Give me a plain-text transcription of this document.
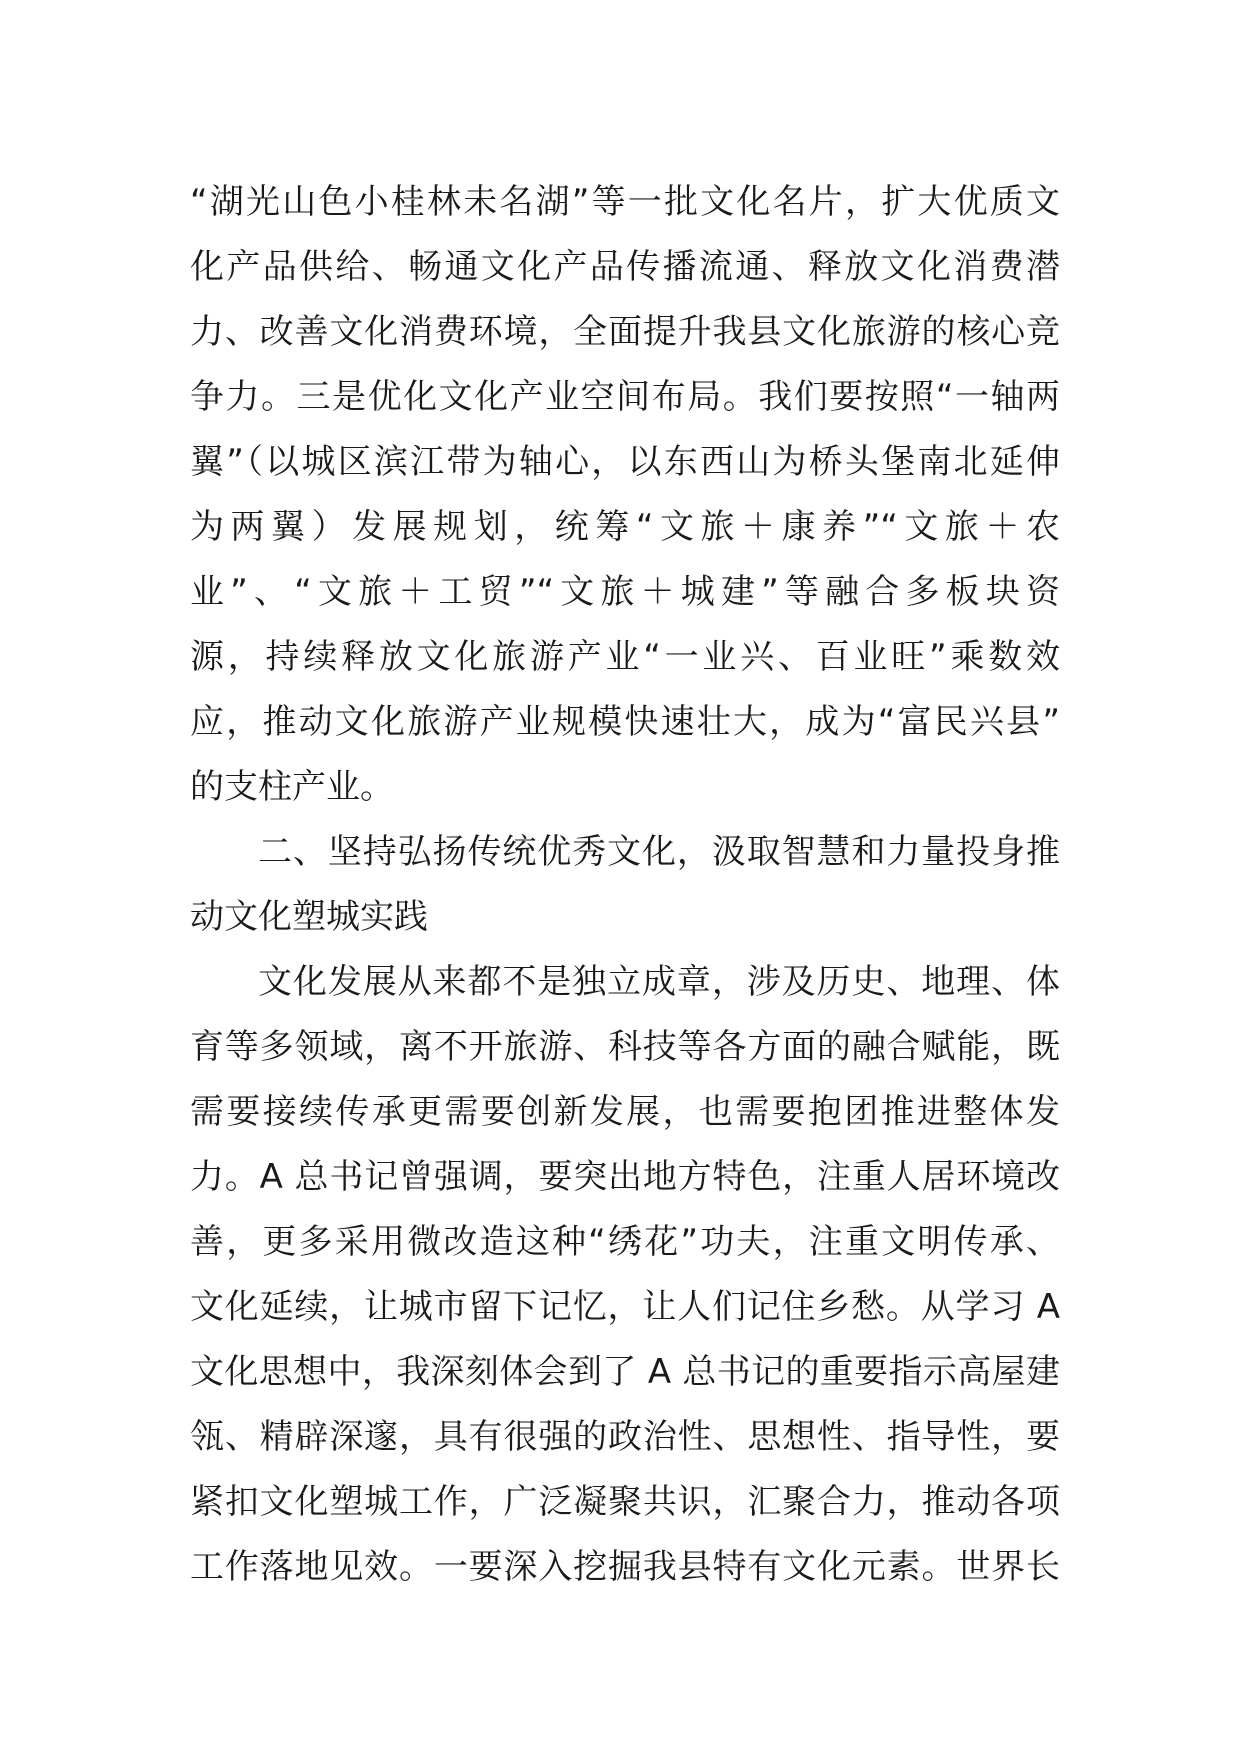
“湖光山色小桂林未名湖”等一批文化名片，扩大优质文
化产品供给、畅通文化产品传播流通、释放文化消费潜
力、改善文化消费环境，全面提升我县文化旅游的核心竞
争力。三是优化文化产业空间布局。我们要按照“一轴两
翼”（以城区滨江带为轴心，以东西山为桥头堡南北延伸
为两翼）发展规划，统筹“文旅＋康养”“文旅＋农
业”、“文旅＋工贸”“文旅＋城建”等融合多板块资
源，持续释放文化旅游产业“一业兴、百业旺”乘数效
应，推动文化旅游产业规模快速壮大，成为“富民兴县”
的支柱产业。
二、坚持弘扬传统优秀文化，汲取智慧和力量投身推
动文化塑城实践
文化发展从来都不是独立成章，涉及历史、地理、体
育等多领域，离不开旅游、科技等各方面的融合赋能，既
需要接续传承更需要创新发展，也需要抱团推进整体发
力。A 总书记曾强调，要突出地方特色，注重人居环境改
善，更多采用微改造这种“绣花”功夫，注重文明传承、
文化延续，让城市留下记忆，让人们记住乡愁。从学习 A
文化思想中，我深刻体会到了 A 总书记的重要指示高屋建
瓴、精辟深邃，具有很强的政治性、思想性、指导性，要
紧扣文化塑城工作，广泛凝聚共识，汇聚合力，推动各项
工作落地见效。一要深入挖掘我县特有文化元素。世界长
